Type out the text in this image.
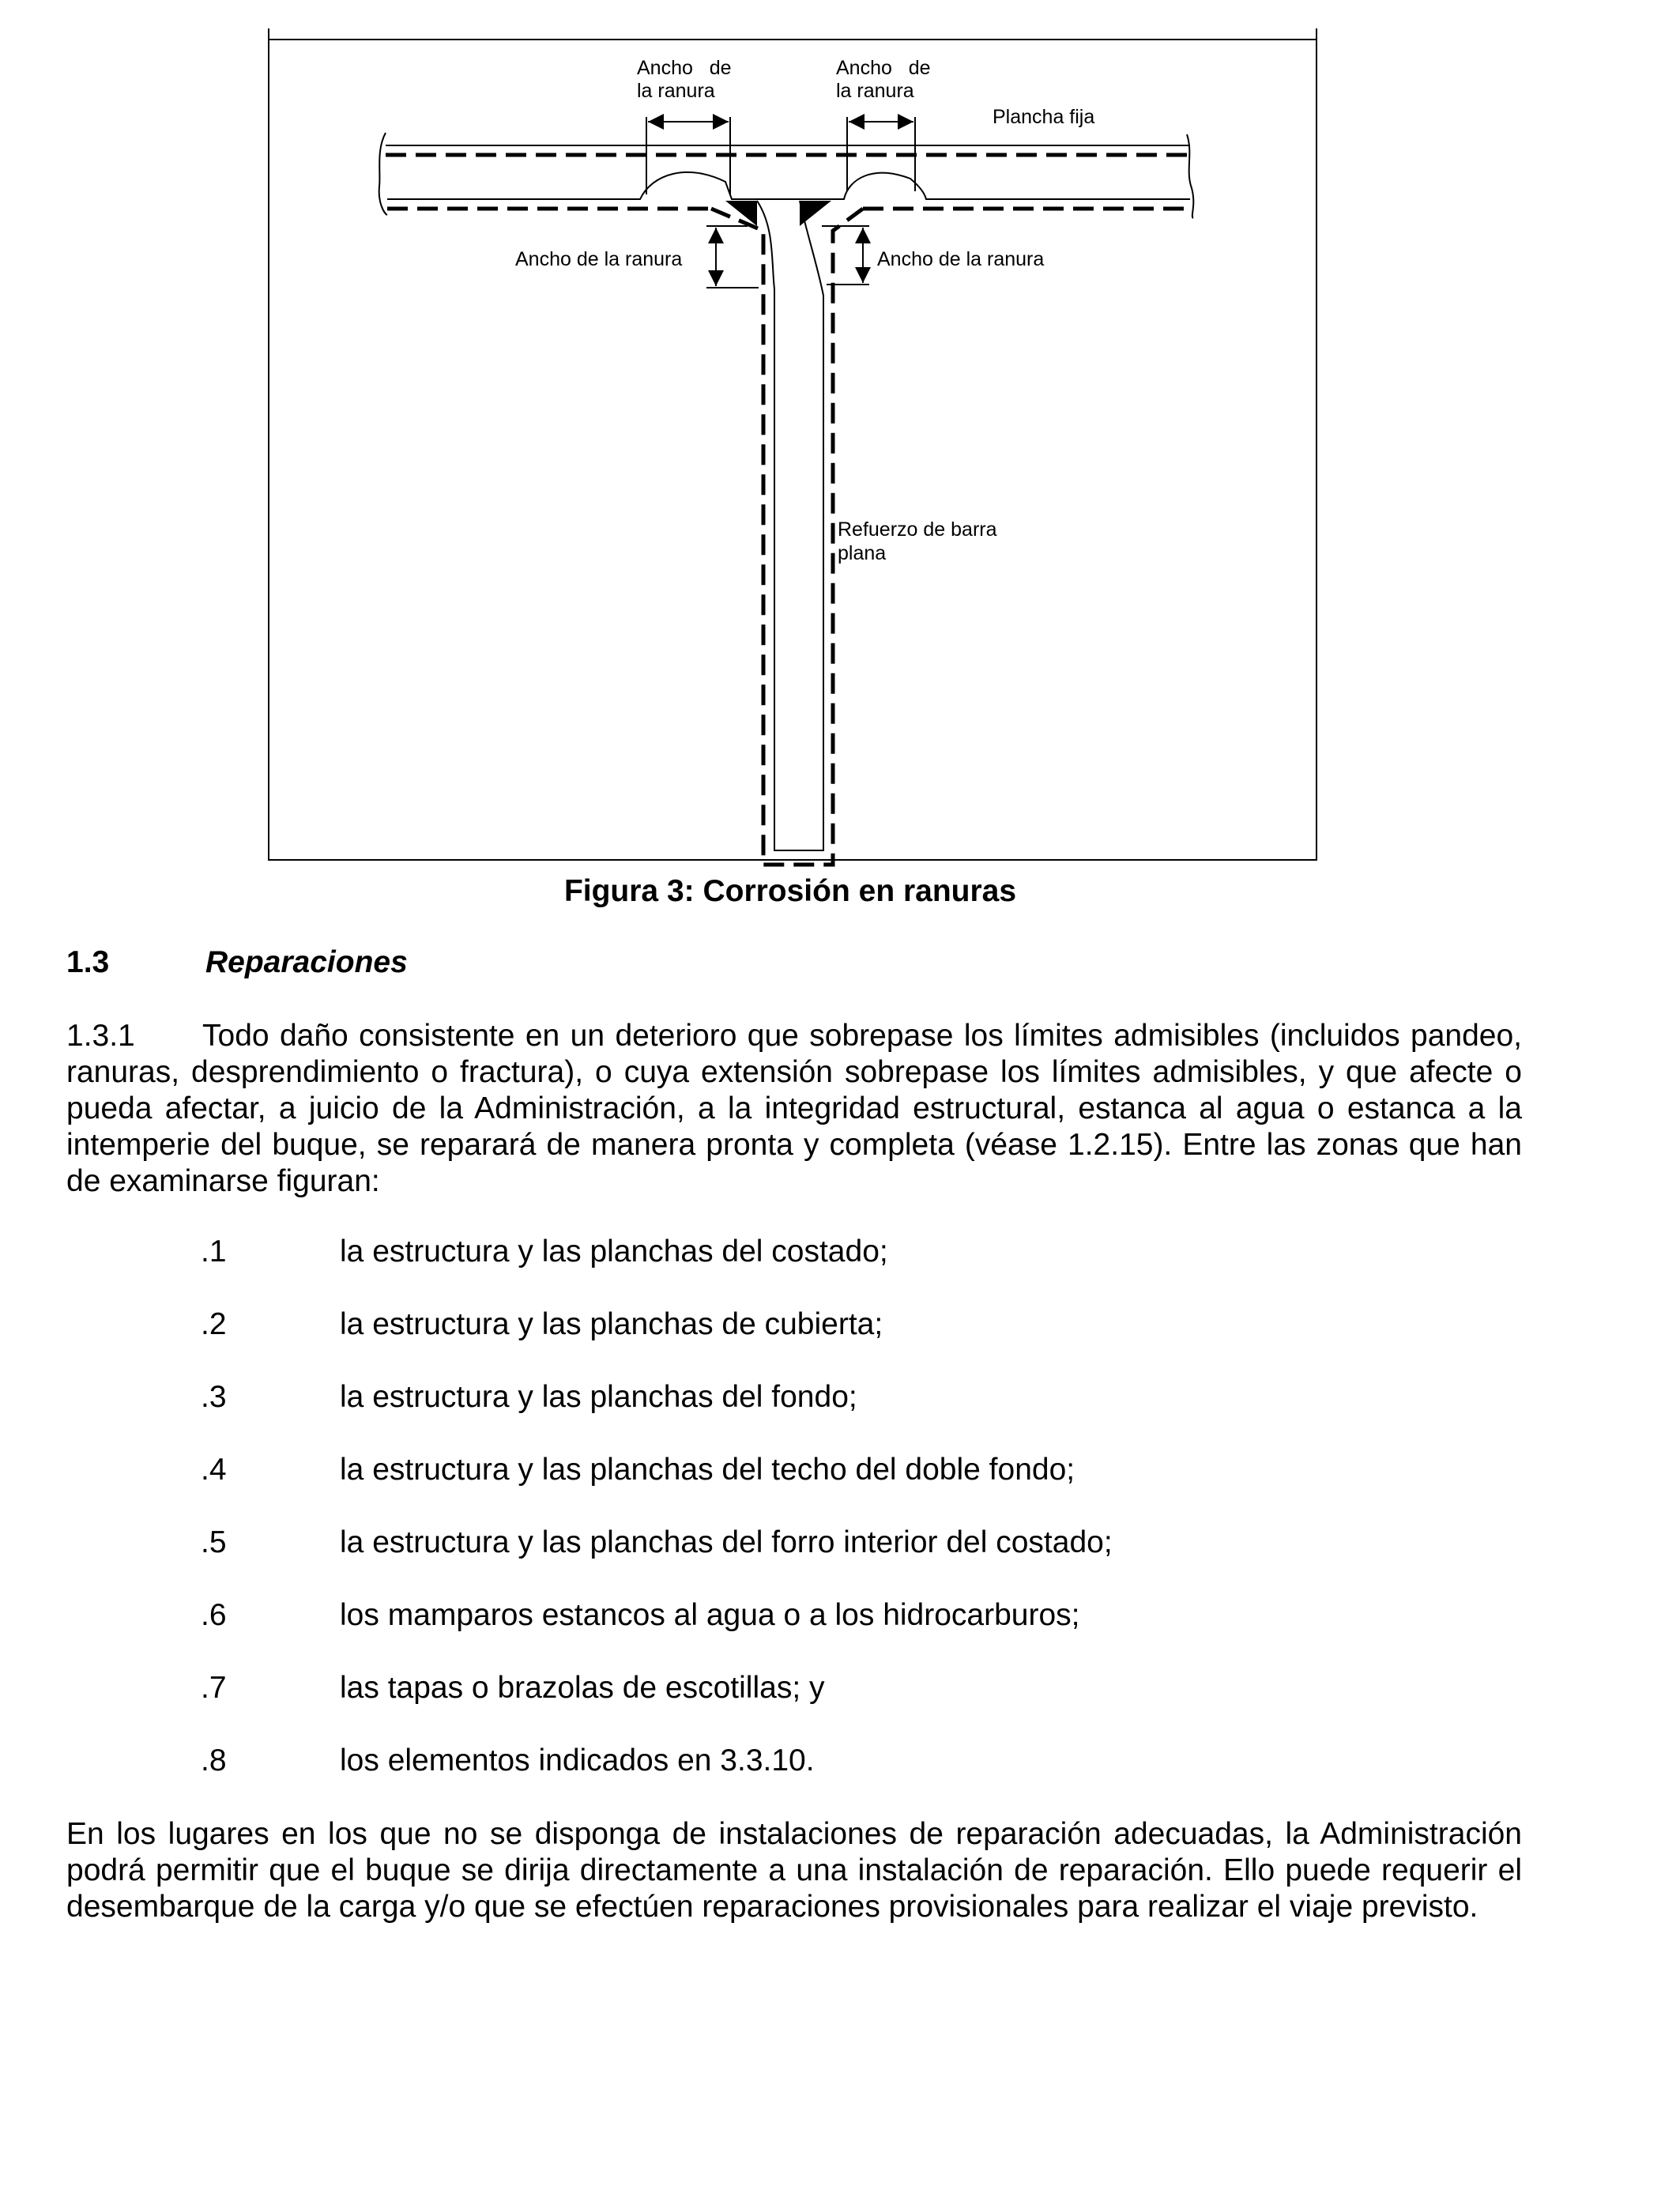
Ancho   de
la ranura
Ancho   de
la ranura
Plancha fija
Ancho de la ranura	Ancho de la ranura
Refuerzo de barra
plana
Figura 3: Corrosión en ranuras
1.3	Reparaciones
1.3.1 Todo daño consistente en un deterioro que sobrepase los límites admisibles (incluidos pandeo, ranuras, desprendimiento o fractura), o cuya extensión sobrepase los límites admisibles, y que afecte o pueda afectar, a juicio de la Administración, a la integridad estructural, estanca al agua o estanca a la intemperie del buque, se reparará de manera pronta y completa (véase 1.2.15). Entre las zonas que han de examinarse figuran:
.1	la estructura y las planchas del costado;
.2	la estructura y las planchas de cubierta;
.3	la estructura y las planchas del fondo;
.4	la estructura y las planchas del techo del doble fondo;
.5	la estructura y las planchas del forro interior del costado;
.6	los mamparos estancos al agua o a los hidrocarburos;
.7	las tapas o brazolas de escotillas; y
.8	los elementos indicados en 3.3.10.
En los lugares en los que no se disponga de instalaciones de reparación adecuadas, la Administración podrá permitir que el buque se dirija directamente a una instalación de reparación. Ello puede requerir el desembarque de la carga y/o que se efectúen reparaciones provisionales para realizar el viaje previsto.
